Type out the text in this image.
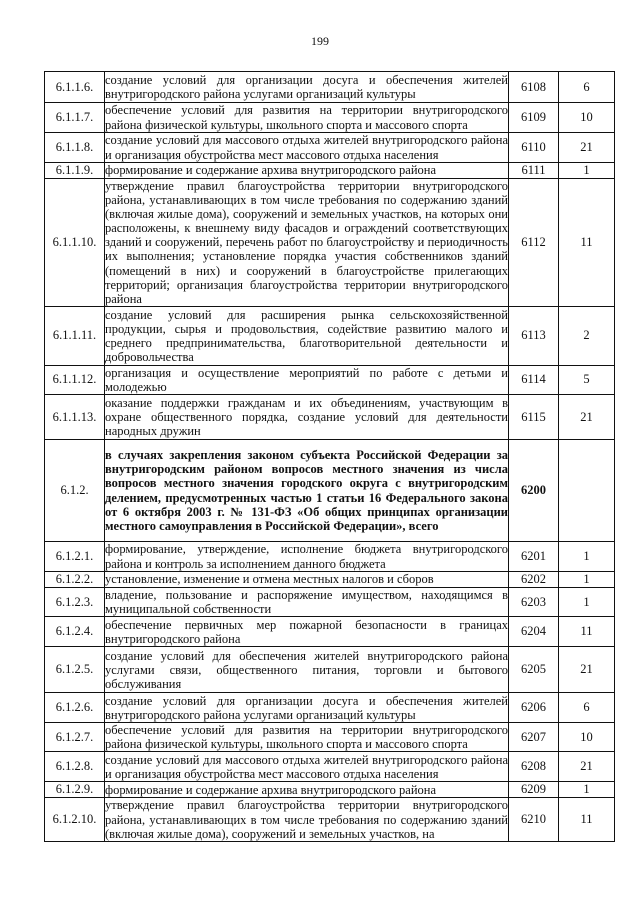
199
6.1.1.6.	создание условий для организации досуга и обеспечения жителей внутригородского района услугами организаций культуры	6108	6
6.1.1.7.	обеспечение условий для развития на территории внутригородского района физической культуры, школьного спорта и массового спорта	6109	10
6.1.1.8.	создание условий для массового отдыха жителей внутригородского района и организация обустройства мест массового отдыха населения	6110	21
6.1.1.9.	формирование и содержание архива внутригородского района	6111	1
6.1.1.10.	утверждение правил благоустройства территории внутригородского района, устанавливающих в том числе требования по содержанию зданий (включая жилые дома), сооружений и земельных участков, на которых они расположены, к внешнему виду фасадов и ограждений соответствующих зданий и сооружений, перечень работ по благоустройству и периодичность их выполнения; установление порядка участия собственников зданий (помещений в них) и сооружений в благоустройстве прилегающих территорий; организация благоустройства территории внутригородского района	6112	11
6.1.1.11.	создание условий для расширения рынка сельскохозяйственной продукции, сырья и продовольствия, содействие развитию малого и среднего предпринимательства, благотворительной деятельности и добровольчества	6113	2
6.1.1.12.	организация и осуществление мероприятий по работе с детьми и молодежью	6114	5
6.1.1.13.	оказание поддержки гражданам и их объединениям, участвующим в охране общественного порядка, создание условий для деятельности народных дружин	6115	21
6.1.2.	в случаях закрепления законом субъекта Российской Федерации за внутригородским районом вопросов местного значения из числа вопросов местного значения городского округа с внутригородским делением, предусмотренных частью 1 статьи 16 Федерального закона от 6 октября 2003 г. № 131-ФЗ «Об общих принципах организации местного самоуправления в Российской Федерации», всего	6200	
6.1.2.1.	формирование, утверждение, исполнение бюджета внутригородского района и контроль за исполнением данного бюджета	6201	1
6.1.2.2.	установление, изменение и отмена местных налогов и сборов	6202	1
6.1.2.3.	владение, пользование и распоряжение имуществом, находящимся в муниципальной собственности	6203	1
6.1.2.4.	обеспечение первичных мер пожарной безопасности в границах внутригородского района	6204	11
6.1.2.5.	создание условий для обеспечения жителей внутригородского района услугами связи, общественного питания, торговли и бытового обслуживания	6205	21
6.1.2.6.	создание условий для организации досуга и обеспечения жителей внутригородского района услугами организаций культуры	6206	6
6.1.2.7.	обеспечение условий для развития на территории внутригородского района физической культуры, школьного спорта и массового спорта	6207	10
6.1.2.8.	создание условий для массового отдыха жителей внутригородского района и организация обустройства мест массового отдыха населения	6208	21
6.1.2.9.	формирование и содержание архива внутригородского района	6209	1
6.1.2.10.	утверждение правил благоустройства территории внутригородского района, устанавливающих в том числе требования по содержанию зданий (включая жилые дома), сооружений и земельных участков, на	6210	11
